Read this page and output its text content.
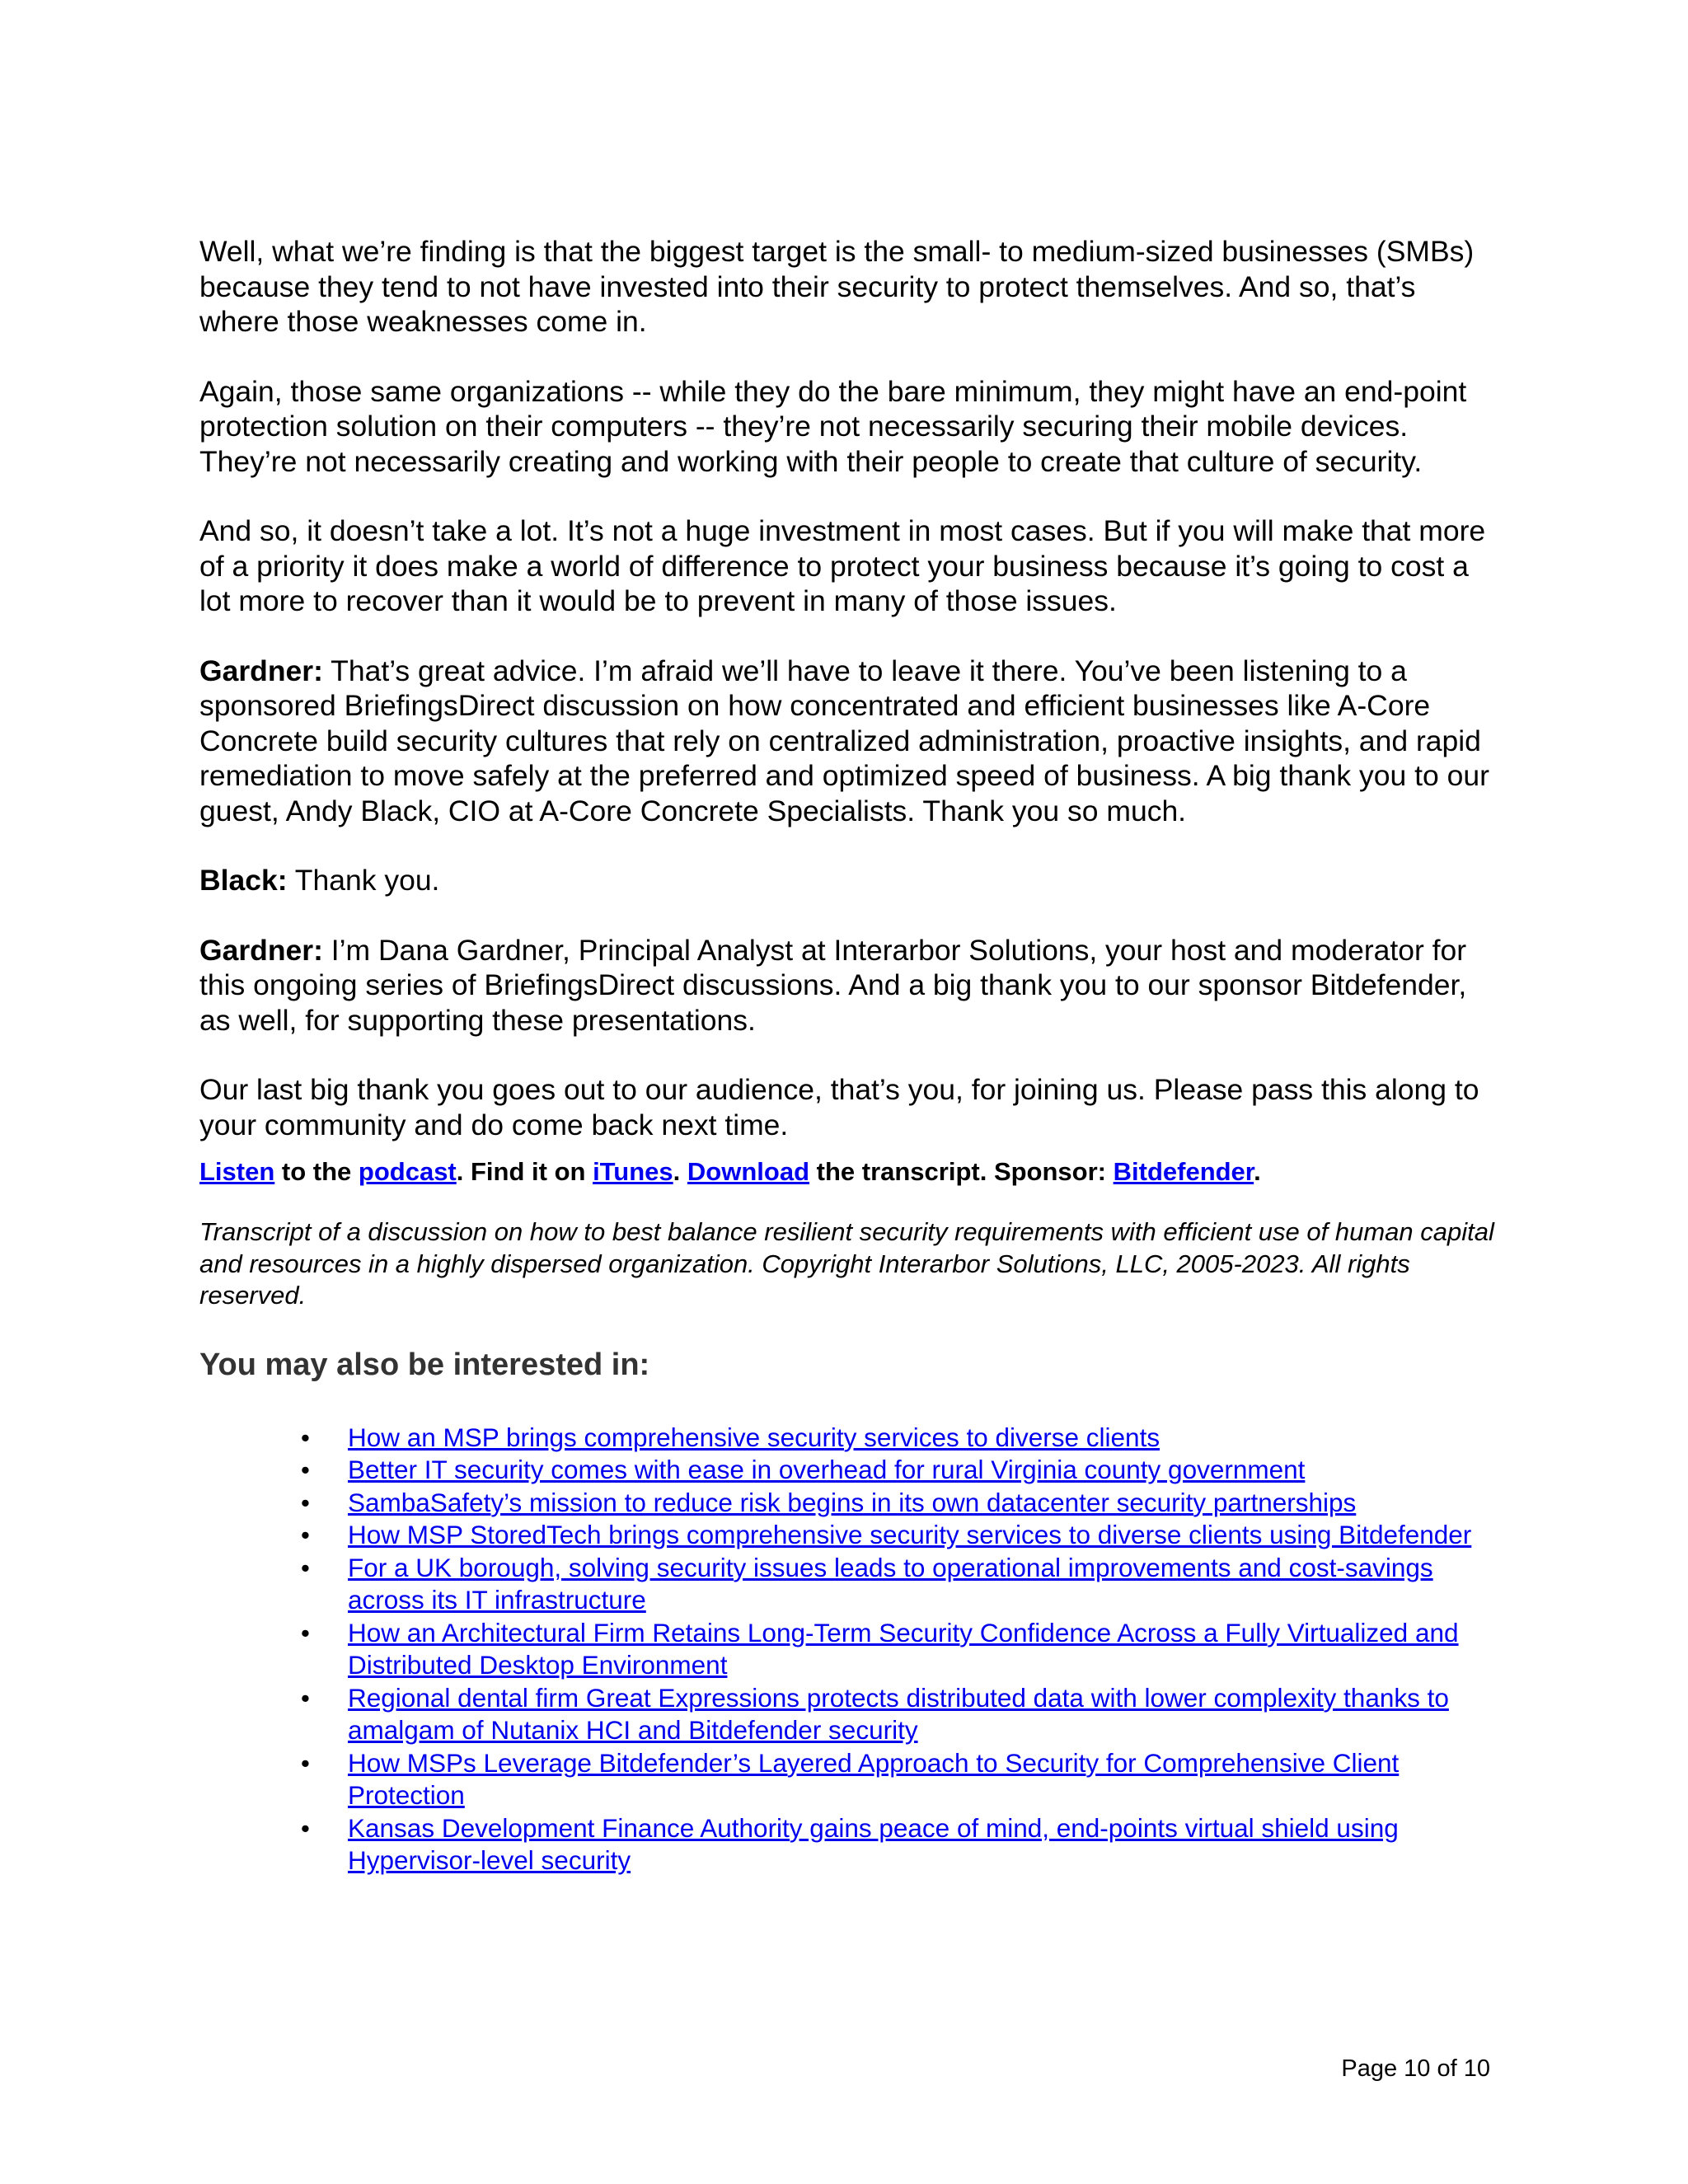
Well, what we’re finding is that the biggest target is the small- to medium-sized businesses (SMBs) because they tend to not have invested into their security to protect themselves. And so, that’s where those weaknesses come in.

Again, those same organizations -- while they do the bare minimum, they might have an end-point protection solution on their computers -- they’re not necessarily securing their mobile devices. They’re not necessarily creating and working with their people to create that culture of security.

And so, it doesn’t take a lot. It’s not a huge investment in most cases. But if you will make that more of a priority it does make a world of difference to protect your business because it’s going to cost a lot more to recover than it would be to prevent in many of those issues.

Gardner: That’s great advice. I’m afraid we’ll have to leave it there. You’ve been listening to a sponsored BriefingsDirect discussion on how concentrated and efficient businesses like A-Core Concrete build security cultures that rely on centralized administration, proactive insights, and rapid remediation to move safely at the preferred and optimized speed of business. A big thank you to our guest, Andy Black, CIO at A-Core Concrete Specialists. Thank you so much.

Black: Thank you.

Gardner: I’m Dana Gardner, Principal Analyst at Interarbor Solutions, your host and moderator for this ongoing series of BriefingsDirect discussions. And a big thank you to our sponsor Bitdefender, as well, for supporting these presentations.

Our last big thank you goes out to our audience, that’s you, for joining us. Please pass this along to your community and do come back next time.

Listen to the podcast. Find it on iTunes. Download the transcript. Sponsor: Bitdefender.

Transcript of a discussion on how to best balance resilient security requirements with efficient use of human capital and resources in a highly dispersed organization. Copyright Interarbor Solutions, LLC, 2005-2023. All rights reserved.

You may also be interested in:
• How an MSP brings comprehensive security services to diverse clients
• Better IT security comes with ease in overhead for rural Virginia county government
• SambaSafety’s mission to reduce risk begins in its own datacenter security partnerships
• How MSP StoredTech brings comprehensive security services to diverse clients using Bitdefender
• For a UK borough, solving security issues leads to operational improvements and cost-savings across its IT infrastructure
• How an Architectural Firm Retains Long-Term Security Confidence Across a Fully Virtualized and Distributed Desktop Environment
• Regional dental firm Great Expressions protects distributed data with lower complexity thanks to amalgam of Nutanix HCI and Bitdefender security
• How MSPs Leverage Bitdefender’s Layered Approach to Security for Comprehensive Client Protection
• Kansas Development Finance Authority gains peace of mind, end-points virtual shield using Hypervisor-level security
Page 10 of 10
